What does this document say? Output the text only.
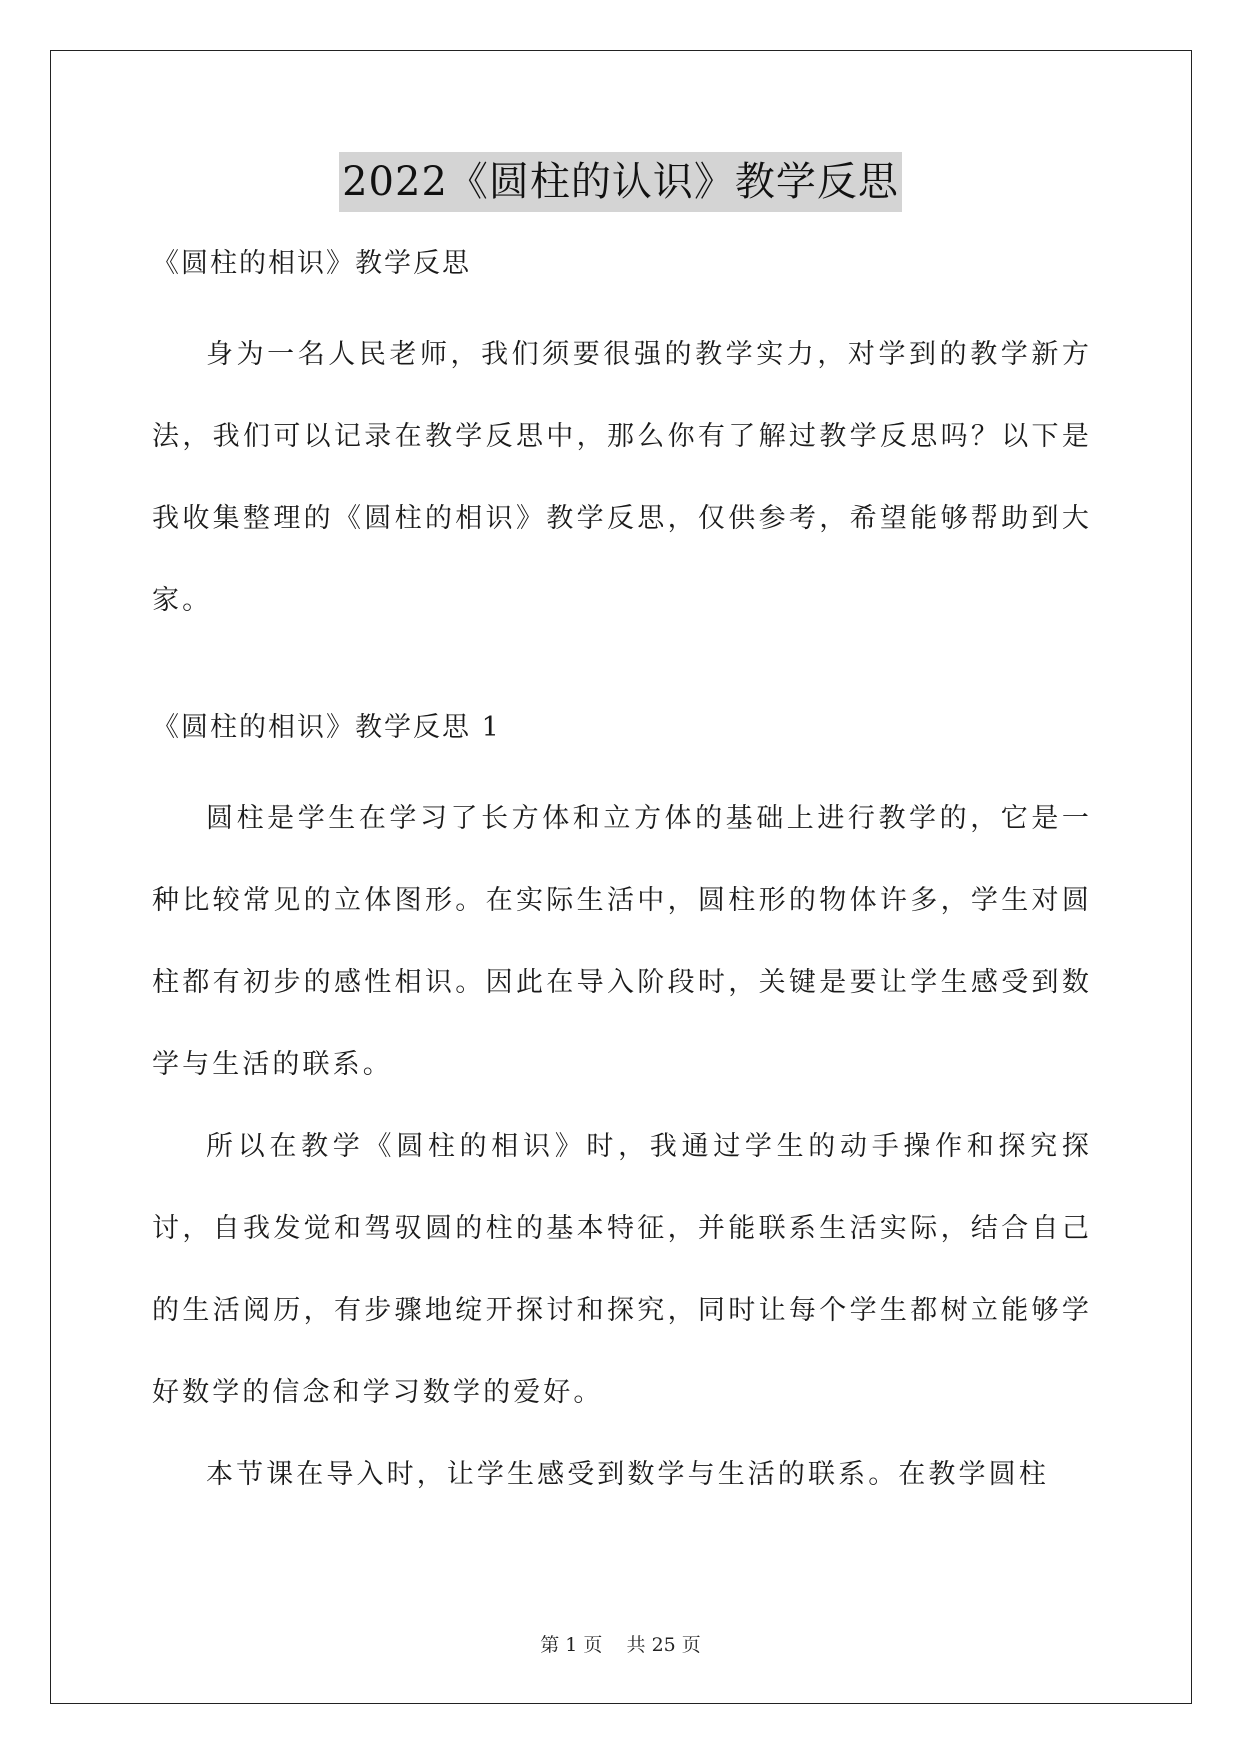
2022《圆柱的认识》教学反思

《圆柱的相识》教学反思

身为一名人民老师，我们须要很强的教学实力，对学到的教学新方法，我们可以记录在教学反思中，那么你有了解过教学反思吗？以下是我收集整理的《圆柱的相识》教学反思，仅供参考，希望能够帮助到大家。

《圆柱的相识》教学反思 1

圆柱是学生在学习了长方体和立方体的基础上进行教学的，它是一种比较常见的立体图形。在实际生活中，圆柱形的物体许多，学生对圆柱都有初步的感性相识。因此在导入阶段时，关键是要让学生感受到数学与生活的联系。

所以在教学《圆柱的相识》时，我通过学生的动手操作和探究探讨，自我发觉和驾驭圆的柱的基本特征，并能联系生活实际，结合自己的生活阅历，有步骤地绽开探讨和探究，同时让每个学生都树立能够学好数学的信念和学习数学的爱好。

本节课在导入时，让学生感受到数学与生活的联系。在教学圆柱

第 1 页    共 25 页
